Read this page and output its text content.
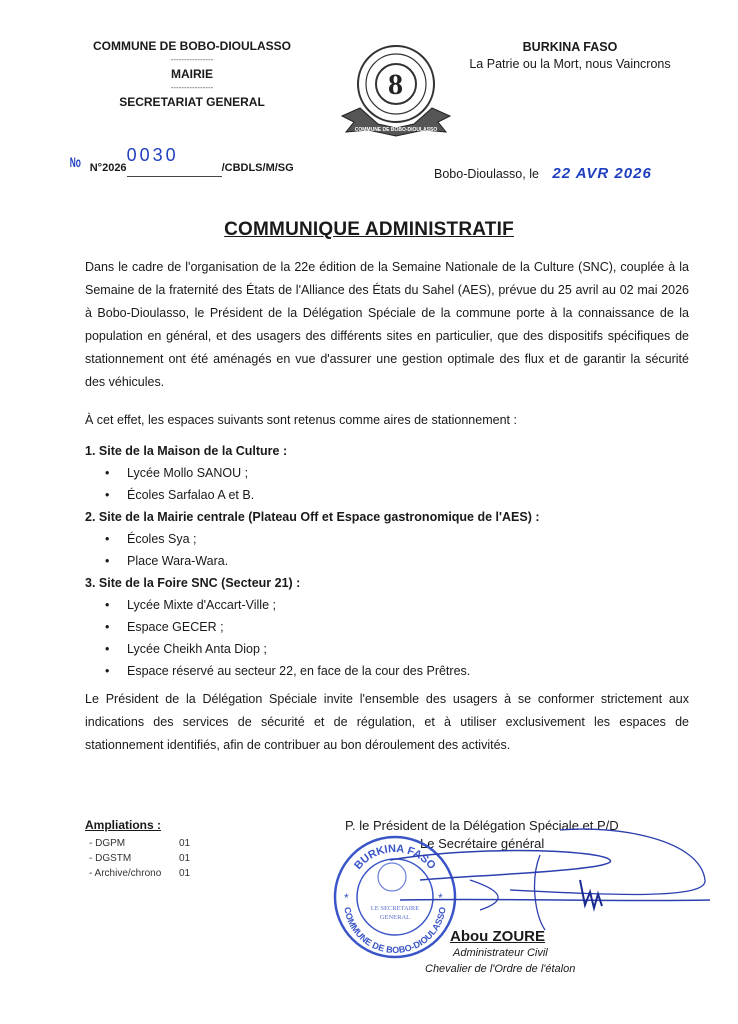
COMMUNE DE BOBO-DIOULASSO
----------------
MAIRIE
----------------
SECRETARIAT GENERAL
8
COMMUNE DE BOBO-DIOULASSO
BURKINA FASO
La Patrie ou la Mort, nous Vaincrons
No N°20260030/CBDLS/M/SG	Bobo-Dioulasso, le 22 AVR 2026
COMMUNIQUE ADMINISTRATIF
Dans le cadre de l'organisation de la 22e édition de la Semaine Nationale de la Culture (SNC), couplée à la Semaine de la fraternité des États de l'Alliance des États du Sahel (AES), prévue du 25 avril au 02 mai 2026 à Bobo-Dioulasso, le Président de la Délégation Spéciale de la commune porte à la connaissance de la population en général, et des usagers des différents sites en particulier, que des dispositifs spécifiques de stationnement ont été aménagés en vue d'assurer une gestion optimale des flux et de garantir la sécurité des véhicules.
À cet effet, les espaces suivants sont retenus comme aires de stationnement :
1. Site de la Maison de la Culture :
• Lycée Mollo SANOU ;
• Écoles Sarfalao A et B.
2. Site de la Mairie centrale (Plateau Off et Espace gastronomique de l'AES) :
• Écoles Sya ;
• Place Wara-Wara.
3. Site de la Foire SNC (Secteur 21) :
• Lycée Mixte d'Accart-Ville ;
• Espace GECER ;
• Lycée Cheikh Anta Diop ;
• Espace réservé au secteur 22, en face de la cour des Prêtres.
Le Président de la Délégation Spéciale invite l'ensemble des usagers à se conformer strictement aux indications des services de sécurité et de régulation, et à utiliser exclusivement les espaces de stationnement identifiés, afin de contribuer au bon déroulement des activités.
Ampliations :
- DGPM	01
- DGSTM	01
- Archive/chrono	01
P. le Président de la Délégation Spéciale et P/D
Le Secrétaire général
BURKINA FASO
COMMUNE DE BOBO-DIOULASSO
*	*
LE SECRETAIRE
GENERAL
Abou ZOURE
Administrateur Civil
Chevalier de l'Ordre de l'étalon
